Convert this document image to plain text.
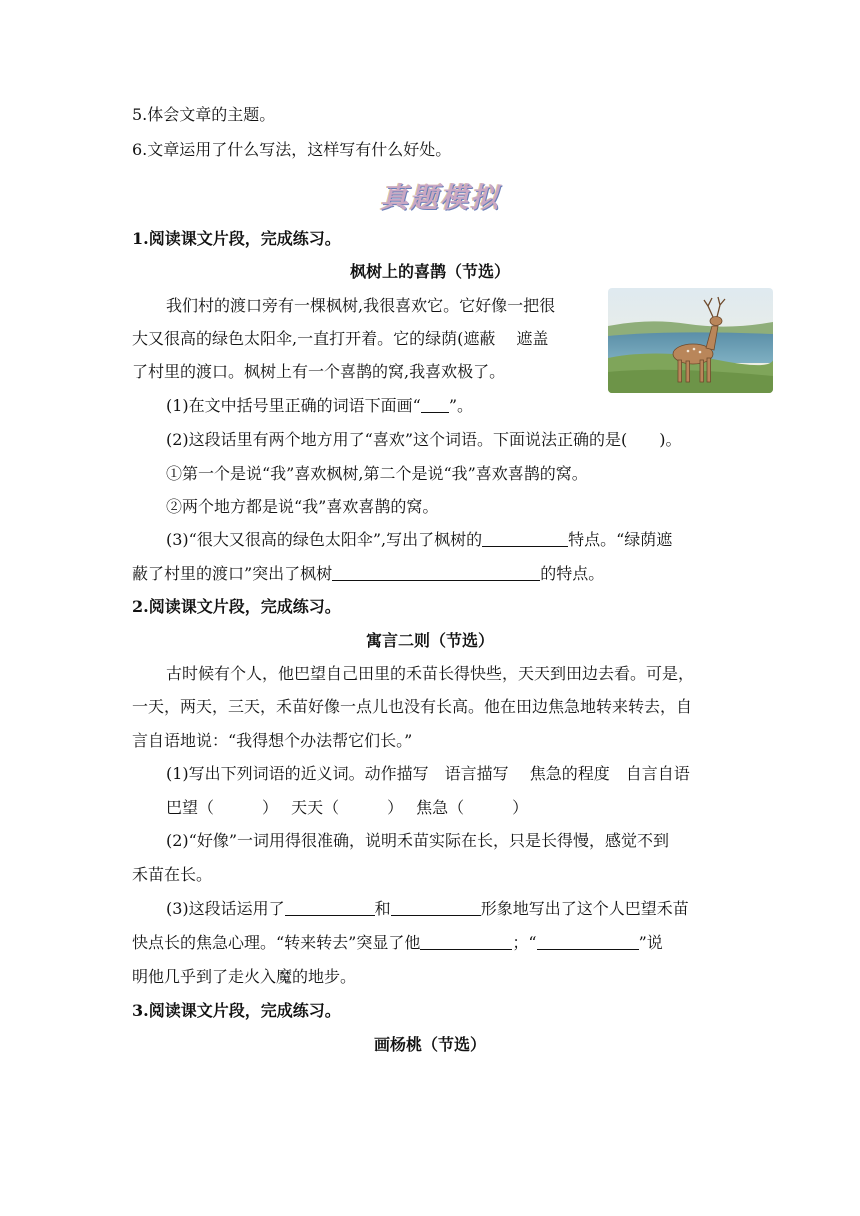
5.体会文章的主题。
6.文章运用了什么写法，这样写有什么好处。
真题模拟
1.阅读课文片段，完成练习。
枫树上的喜鹊（节选）
我们村的渡口旁有一棵枫树,我很喜欢它。它好像一把很
大又很高的绿色太阳伞,一直打开着。它的绿荫(遮蔽　 遮盖
了村里的渡口。枫树上有一个喜鹊的窝,我喜欢极了。
(1)在文中括号里正确的词语下面画“ ”。
(2)这段话里有两个地方用了“喜欢”这个词语。下面说法正确的是(　　)。
①第一个是说“我”喜欢枫树,第二个是说“我”喜欢喜鹊的窝。
②两个地方都是说“我”喜欢喜鹊的窝。
(3)“很大又很高的绿色太阳伞”,写出了枫树的	特点。“绿荫遮
蔽了村里的渡口”突出了枫树	的特点。
2.阅读课文片段，完成练习。
寓言二则（节选）
古时候有个人，他巴望自己田里的禾苗长得快些，天天到田边去看。可是，
一天，两天，三天，禾苗好像一点儿也没有长高。他在田边焦急地转来转去，自
言自语地说：“我得想个办法帮它们长。”
(1)写出下列词语的近义词。动作描写　语言描写　 焦急的程度　自言自语
巴望（　　　）　 天天（　　　）　 焦急（　　　）
(2)“好像”一词用得很准确，说明禾苗实际在长，只是长得慢，感觉不到
禾苗在长。
(3)这段话运用了	和	形象地写出了这个人巴望禾苗
快点长的焦急心理。“转来转去”突显了他	；“	”说
明他几乎到了走火入魔的地步。
3.阅读课文片段，完成练习。
画杨桃（节选）
